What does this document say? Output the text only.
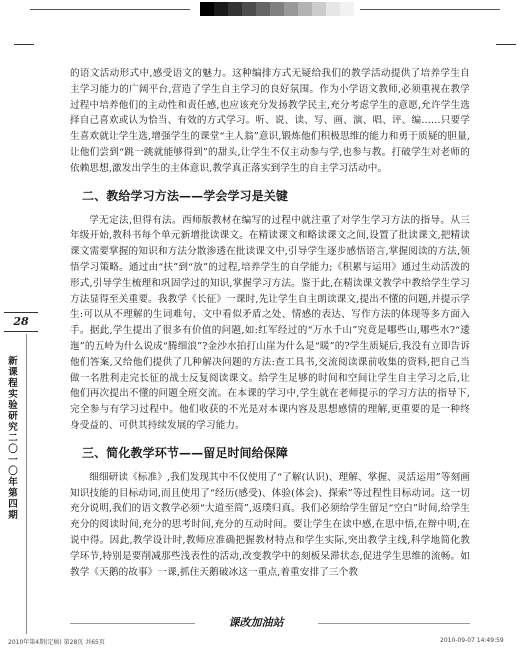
28
新课程实验研究 二〇一〇年 第四期

的语文活动形式中,感受语文的魅力。这种编排方式无疑给我们的教学活动提供了培养学生自主学习能力的广阔平台,营造了学生自主学习的良好氛围。作为小学语文教师,必须重视在教学过程中培养他们的主动性和责任感,也应该充分发扬教学民主,充分考虑学生的意愿,允许学生选择自己喜欢或认为恰当、有效的方式学习。听、说、读、写、画、演、唱、评、编……只要学生喜欢就让学生选,增强学生的课堂“主人翁”意识,锻炼他们积极思维的能力和勇于质疑的胆量,让他们尝到“跳一跳就能够得到”的甜头,让学生不仅主动参与学,也参与教。打破学生对老师的依赖思想,激发出学生的主体意识,教学真正落实到学生的自主学习活动中。

二、教给学习方法——学会学习是关键

学无定法,但得有法。西师版教材在编写的过程中就注重了对学生学习方法的指导。从三年级开始,教科书每个单元新增批读课文。在精读课文和略读课文之间,设置了批读课文,把精读课文需要掌握的知识和方法分散渗透在批读课文中,引导学生逐步感悟语言,掌握阅读的方法,领悟学习策略。通过由“扶”到“放”的过程,培养学生的自学能力;《积累与运用》通过生动活泼的形式,引导学生梳理和巩固学过的知识,掌握学习方法。鉴于此,在精读课文教学中教给学生学习方法显得至关重要。我教学《长征》一课时,先让学生自主朗读课文,提出不懂的问题,并提示学生:可以从不理解的生词难句、文中看似矛盾之处、情感的表达、写作方法的体现等多方面入手。据此,学生提出了很多有价值的问题,如:红军经过的“万水千山”究竟是哪些山,哪些水?“逶迤”的五岭为什么说成“腾细浪”?金沙水拍打山崖为什么是“暖”的?学生质疑后,我没有立即告诉他们答案,又给他们提供了几种解决问题的方法:查工具书,交流阅读课前收集的资料,把自己当做一名胜利走完长征的战士反复阅读课文。给学生足够的时间和空间让学生自主学习之后,让他们再次提出不懂的问题全班交流。在本课的学习中,学生就在老师提示的学习方法的指导下,完全参与有学习过程中。他们收获的不光是对本课内容及思想感情的理解,更重要的是一种终身受益的、可供其持续发展的学习能力。

三、简化教学环节——留足时间给保障

细细研读《标准》,我们发现其中不仅使用了“了解(认识)、理解、掌握、灵活运用”等刻画知识技能的目标动词,而且使用了“经历(感受)、体验(体会)、探索”等过程性目标动词。这一切充分说明,我们的语文教学必须“大道至简”,返璞归真。我们必须给学生留足“空白”时间,给学生充分的阅读时间,充分的思考时间,充分的互动时间。要让学生在读中感,在思中悟,在辩中明,在说中得。因此,教学设计时,教师应准确把握教材特点和学生实际,突出教学主线,科学地简化教学环节,特别是要削减那些浅表性的活动,改变教学中的刻板呆滞状态,促进学生思维的流畅。如教学《天鹅的故事》一课,抓住天鹅破冰这一重点,着重安排了三个教

课改加油站
2010年第4期(定稿) 第28页 共65页	2010-09-07 14:49:59
